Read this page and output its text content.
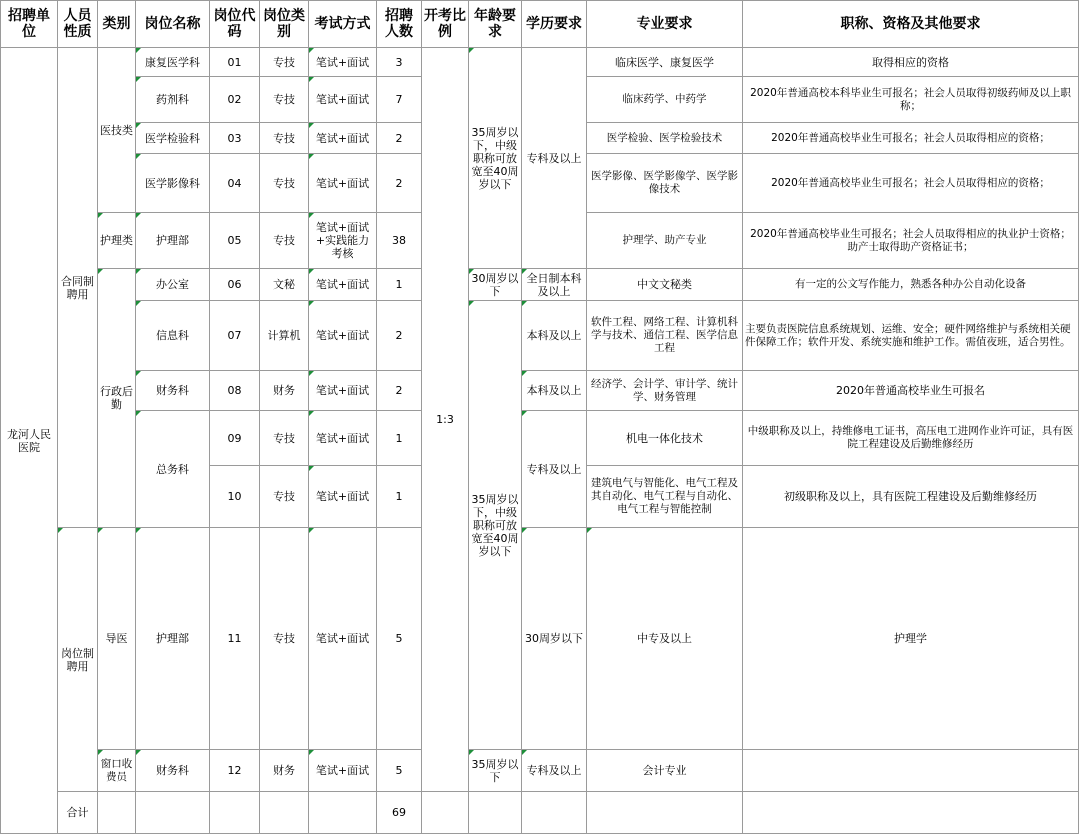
招聘单位	人员性质	类别	岗位名称	岗位代码	岗位类别	考试方式	招聘人数	开考比例	年龄要求	学历要求	专业要求	职称、资格及其他要求	
龙河人民医院	合同制聘用	医技类	康复医学科	01	专技	笔试+面试	3	1:3	35周岁以下，中级职称可放宽至40周岁以下	专科及以上	临床医学、康复医学	取得相应的资格	
			药剂科	02	专技	笔试+面试	7				临床药学、中药学	2020年普通高校本科毕业生可报名；社会人员取得初级药师及以上职称；	
			医学检验科	03	专技	笔试+面试	2				医学检验、医学检验技术	2020年普通高校毕业生可报名；社会人员取得相应的资格；	
			医学影像科	04	专技	笔试+面试	2				医学影像、医学影像学、医学影像技术	2020年普通高校毕业生可报名；社会人员取得相应的资格；	
		护理类	护理部	05	专技	笔试+面试+实践能力考核	38				护理学、助产专业	2020年普通高校毕业生可报名；社会人员取得相应的执业护士资格；助产士取得助产资格证书；	
		行政后勤	办公室	06	文秘	笔试+面试	1		30周岁以下	全日制本科及以上	中文文秘类	有一定的公文写作能力，熟悉各种办公自动化设备	
			信息科	07	计算机	笔试+面试	2		35周岁以下，中级职称可放宽至40周岁以下	本科及以上	软件工程、网络工程、计算机科学与技术、通信工程、医学信息工程	主要负责医院信息系统规划、运维、安全；硬件网络维护与系统相关硬件保障工作；软件开发、系统实施和维护工作。需值夜班，适合男性。	
			财务科	08	财务	笔试+面试	2			本科及以上	经济学、会计学、审计学、统计学、财务管理	2020年普通高校毕业生可报名	
			总务科	09	专技	笔试+面试	1			专科及以上	机电一体化技术	中级职称及以上，持维修电工证书，高压电工进网作业许可证，具有医院工程建设及后勤维修经历	
				10	专技	笔试+面试	1				建筑电气与智能化、电气工程及其自动化、电气工程与自动化、电气工程与智能控制	初级职称及以上，具有医院工程建设及后勤维修经历	
	岗位制聘用	导医	护理部	11	专技	笔试+面试	5			30周岁以下	中专及以上	护理学	
		窗口收费员	财务科	12	财务	笔试+面试	5		35周岁以下	专科及以上	会计专业		
	合计						69						
